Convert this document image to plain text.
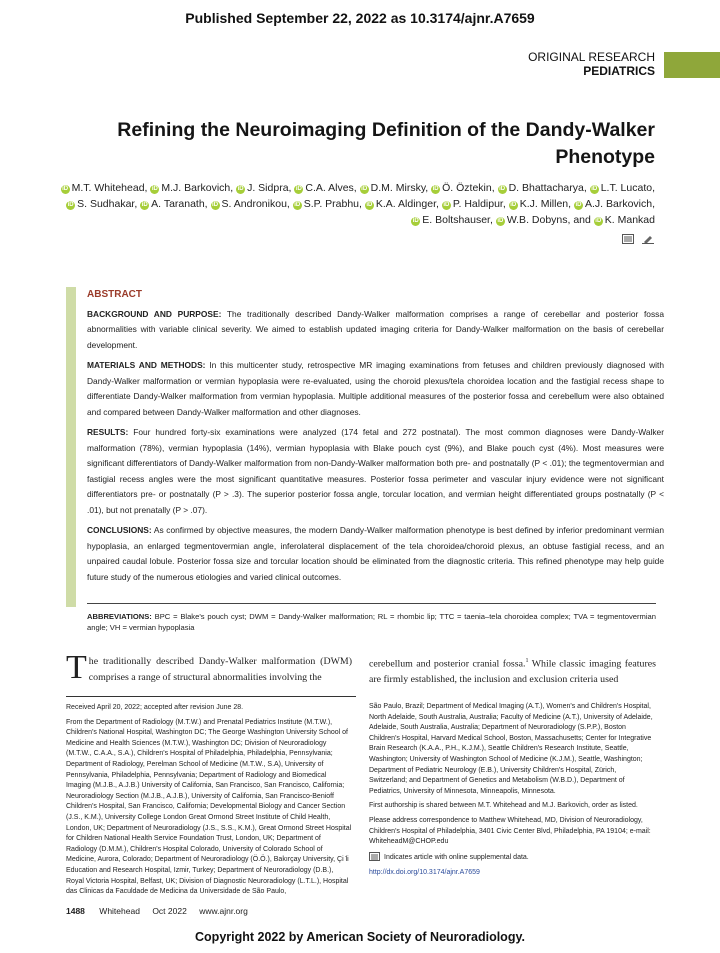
Published September 22, 2022 as 10.3174/ajnr.A7659
ORIGINAL RESEARCH
PEDIATRICS
Refining the Neuroimaging Definition of the Dandy-Walker Phenotype
iD M.T. Whitehead, iD M.J. Barkovich, iD J. Sidpra, iD C.A. Alves, iD D.M. Mirsky, iD Ö. Öztekin, iD D. Bhattacharya, iD L.T. Lucato,
iD S. Sudhakar, iD A. Taranath, iD S. Andronikou, iD S.P. Prabhu, iD K.A. Aldinger, iD P. Haldipur, iD K.J. Millen, iD A.J. Barkovich,
iD E. Boltshauser, iD W.B. Dobyns, and iD K. Mankad

ABSTRACT

BACKGROUND AND PURPOSE: The traditionally described Dandy-Walker malformation comprises a range of cerebellar and posterior fossa abnormalities with variable clinical severity. We aimed to establish updated imaging criteria for Dandy-Walker malformation on the basis of cerebellar development.

MATERIALS AND METHODS: In this multicenter study, retrospective MR imaging examinations from fetuses and children previously diagnosed with Dandy-Walker malformation or vermian hypoplasia were re-evaluated, using the choroid plexus/tela choroidea location and the fastigial recess shape to differentiate Dandy-Walker malformation from vermian hypoplasia. Multiple additional measures of the posterior fossa and cerebellum were also obtained and compared between Dandy-Walker malformation and other diagnoses.

RESULTS: Four hundred forty-six examinations were analyzed (174 fetal and 272 postnatal). The most common diagnoses were Dandy-Walker malformation (78%), vermian hypoplasia (14%), vermian hypoplasia with Blake pouch cyst (9%), and Blake pouch cyst (4%). Most measures were significant differentiators of Dandy-Walker malformation from non-Dandy-Walker malformation both pre- and postnatally (P < .01); the tegmentovermian and fastigial recess angles were the most significant quantitative measures. Posterior fossa perimeter and vascular injury evidence were not significant differentiators pre- or postnatally (P > .3). The superior posterior fossa angle, torcular location, and vermian height differentiated groups postnatally (P < .01), but not prenatally (P > .07).

CONCLUSIONS: As confirmed by objective measures, the modern Dandy-Walker malformation phenotype is best defined by inferior predominant vermian hypoplasia, an enlarged tegmentovermian angle, inferolateral displacement of the tela choroidea/choroid plexus, an obtuse fastigial recess, and an unpaired caudal lobule. Posterior fossa size and torcular location should be eliminated from the diagnostic criteria. This refined phenotype may help guide future study of the numerous etiologies and varied clinical outcomes.

ABBREVIATIONS: BPC = Blake's pouch cyst; DWM = Dandy-Walker malformation; RL = rhombic lip; TTC = taenia–tela choroidea complex; TVA = tegmentovermian angle; VH = vermian hypoplasia
The traditionally described Dandy-Walker malformation (DWM) comprises a range of structural abnormalities involving the
cerebellum and posterior cranial fossa.$^1$ While classic imaging features are firmly established, the inclusion and exclusion criteria used

Received April 20, 2022; accepted after revision June 28.

From the Department of Radiology (M.T.W.) and Prenatal Pediatrics Institute (M.T.W.), Children's National Hospital, Washington DC; The George Washington University School of Medicine and Health Sciences (M.T.W.), Washington DC; Division of Neuroradiology (M.T.W., C.A.A., S.A.), Children's Hospital of Philadelphia, Philadelphia, Pennsylvania; Department of Radiology, Perelman School of Medicine (M.T.W., S.A), University of Pennsylvania, Philadelphia, Pennsylvania; Department of Radiology and Biomedical Imaging (M.J.B., A.J.B.) University of California, San Francisco, San Francisco, California; Neuroradiology Section (M.J.B., A.J.B.), University of California, San Francisco-Benioff Children's Hospital, San Francisco, California; Developmental Biology and Cancer Section (J.S., K.M.), University College London Great Ormond Street Institute of Child Health, London, UK; Department of Neuroradiology (J.S., S.S., K.M.), Great Ormond Street Hospital for Children National Health Service Foundation Trust, London, UK; Department of Radiology (D.M.M.), Children's Hospital Colorado, University of Colorado School of Medicine, Aurora, Colorado; Department of Neuroradiology (Ö.Ö.), Bakırçay University, Çi ̇li Education and Research Hospital, Izmir, Turkey; Department of Neuroradiology (D.B.), Royal Victoria Hospital, Belfast, UK; Division of Diagnostic Neuroradiology (L.T.L.), Hospital das Clinicas da Faculdade de Medicina da Universidade de São Paulo,

São Paulo, Brazil; Department of Medical Imaging (A.T.), Women's and Children's Hospital, North Adelaide, South Australia, Australia; Faculty of Medicine (A.T.), University of Adelaide, Adelaide, South Australia, Australia; Department of Neuroradiology (S.P.P.), Boston Children's Hospital, Harvard Medical School, Boston, Massachusetts; Center for Integrative Brain Research (K.A.A., P.H., K.J.M.), Seattle Children's Research Institute, Seattle, Washington; University of Washington School of Medicine (K.J.M.), Seattle, Washington; Department of Pediatric Neurology (E.B.), University Children's Hospital, Zürich, Switzerland; and Department of Genetics and Metabolism (W.B.D.), Department of Pediatrics, University of Minnesota, Minneapolis, Minnesota.

First authorship is shared between M.T. Whitehead and M.J. Barkovich, order as listed.

Please address correspondence to Matthew Whitehead, MD, Division of Neuroradiology, Children's Hospital of Philadelphia, 3401 Civic Center Blvd, Philadelphia, PA 19104; e-mail: WhiteheadM@CHOP.edu

Indicates article with online supplemental data.
http://dx.doi.org/10.3174/ajnr.A7659
1488 Whitehead Oct 2022 www.ajnr.org
Copyright 2022 by American Society of Neuroradiology.
